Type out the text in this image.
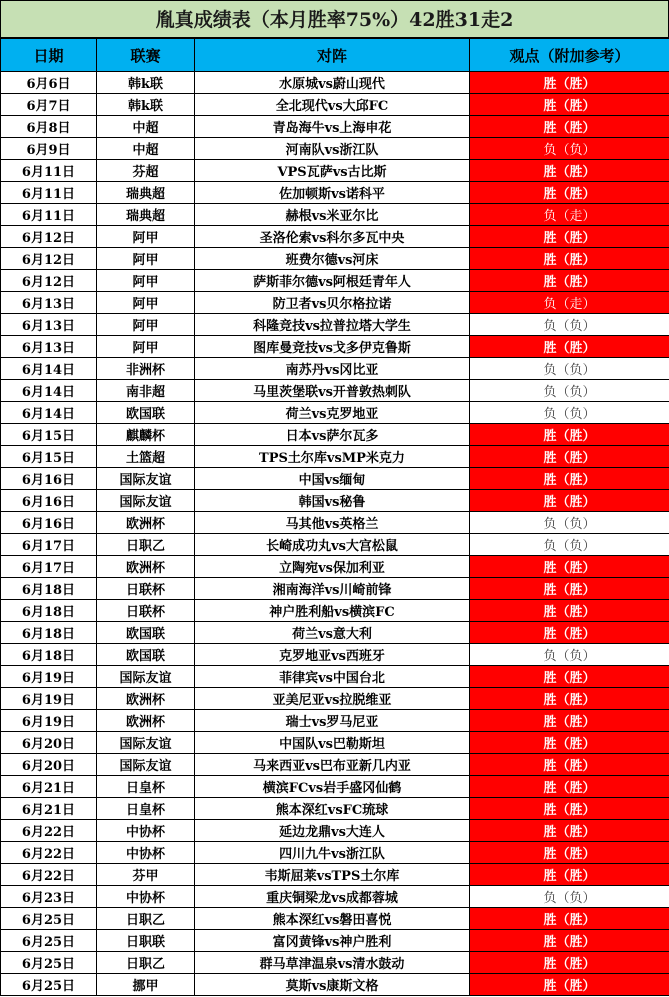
胤真成绩表（本月胜率75%）42胜31走2
日期	联赛	对阵	观点（附加参考）
6月6日	韩k联	水原城vs蔚山现代	胜（胜）
6月7日	韩k联	全北现代vs大邱FC	胜（胜）
6月8日	中超	青岛海牛vs上海申花	胜（胜）
6月9日	中超	河南队vs浙江队	负（负）
6月11日	芬超	VPS瓦萨vs古比斯	胜（胜）
6月11日	瑞典超	佐加顿斯vs诺科平	胜（胜）
6月11日	瑞典超	赫根vs米亚尔比	负（走）
6月12日	阿甲	圣洛伦索vs科尔多瓦中央	胜（胜）
6月12日	阿甲	班费尔德vs河床	胜（胜）
6月12日	阿甲	萨斯菲尔德vs阿根廷青年人	胜（胜）
6月13日	阿甲	防卫者vs贝尔格拉诺	负（走）
6月13日	阿甲	科隆竞技vs拉普拉塔大学生	负（负）
6月13日	阿甲	图库曼竞技vs戈多伊克鲁斯	胜（胜）
6月14日	非洲杯	南苏丹vs冈比亚	负（负）
6月14日	南非超	马里茨堡联vs开普敦热刺队	负（负）
6月14日	欧国联	荷兰vs克罗地亚	负（负）
6月15日	麒麟杯	日本vs萨尔瓦多	胜（胜）
6月15日	土篮超	TPS土尔库vsMP米克力	胜（胜）
6月16日	国际友谊	中国vs缅甸	胜（胜）
6月16日	国际友谊	韩国vs秘鲁	胜（胜）
6月16日	欧洲杯	马其他vs英格兰	负（负）
6月17日	日职乙	长崎成功丸vs大宫松鼠	负（负）
6月17日	欧洲杯	立陶宛vs保加利亚	胜（胜）
6月18日	日联杯	湘南海洋vs川崎前锋	胜（胜）
6月18日	日联杯	神户胜利船vs横滨FC	胜（胜）
6月18日	欧国联	荷兰vs意大利	胜（胜）
6月18日	欧国联	克罗地亚vs西班牙	负（负）
6月19日	国际友谊	菲律宾vs中国台北	胜（胜）
6月19日	欧洲杯	亚美尼亚vs拉脱维亚	胜（胜）
6月19日	欧洲杯	瑞士vs罗马尼亚	胜（胜）
6月20日	国际友谊	中国队vs巴勒斯坦	胜（胜）
6月20日	国际友谊	马来西亚vs巴布亚新几内亚	胜（胜）
6月21日	日皇杯	横滨FCvs岩手盛冈仙鹤	胜（胜）
6月21日	日皇杯	熊本深红vsFC琉球	胜（胜）
6月22日	中协杯	延边龙鼎vs大连人	胜（胜）
6月22日	中协杯	四川九牛vs浙江队	胜（胜）
6月22日	芬甲	韦斯屈莱vsTPS土尔库	胜（胜）
6月23日	中协杯	重庆铜梁龙vs成都蓉城	负（负）
6月25日	日职乙	熊本深红vs磐田喜悦	胜（胜）
6月25日	日职联	富冈黄锋vs神户胜利	胜（胜）
6月25日	日职乙	群马草津温泉vs清水鼓动	胜（胜）
6月25日	挪甲	莫斯vs康斯文格	胜（胜）
